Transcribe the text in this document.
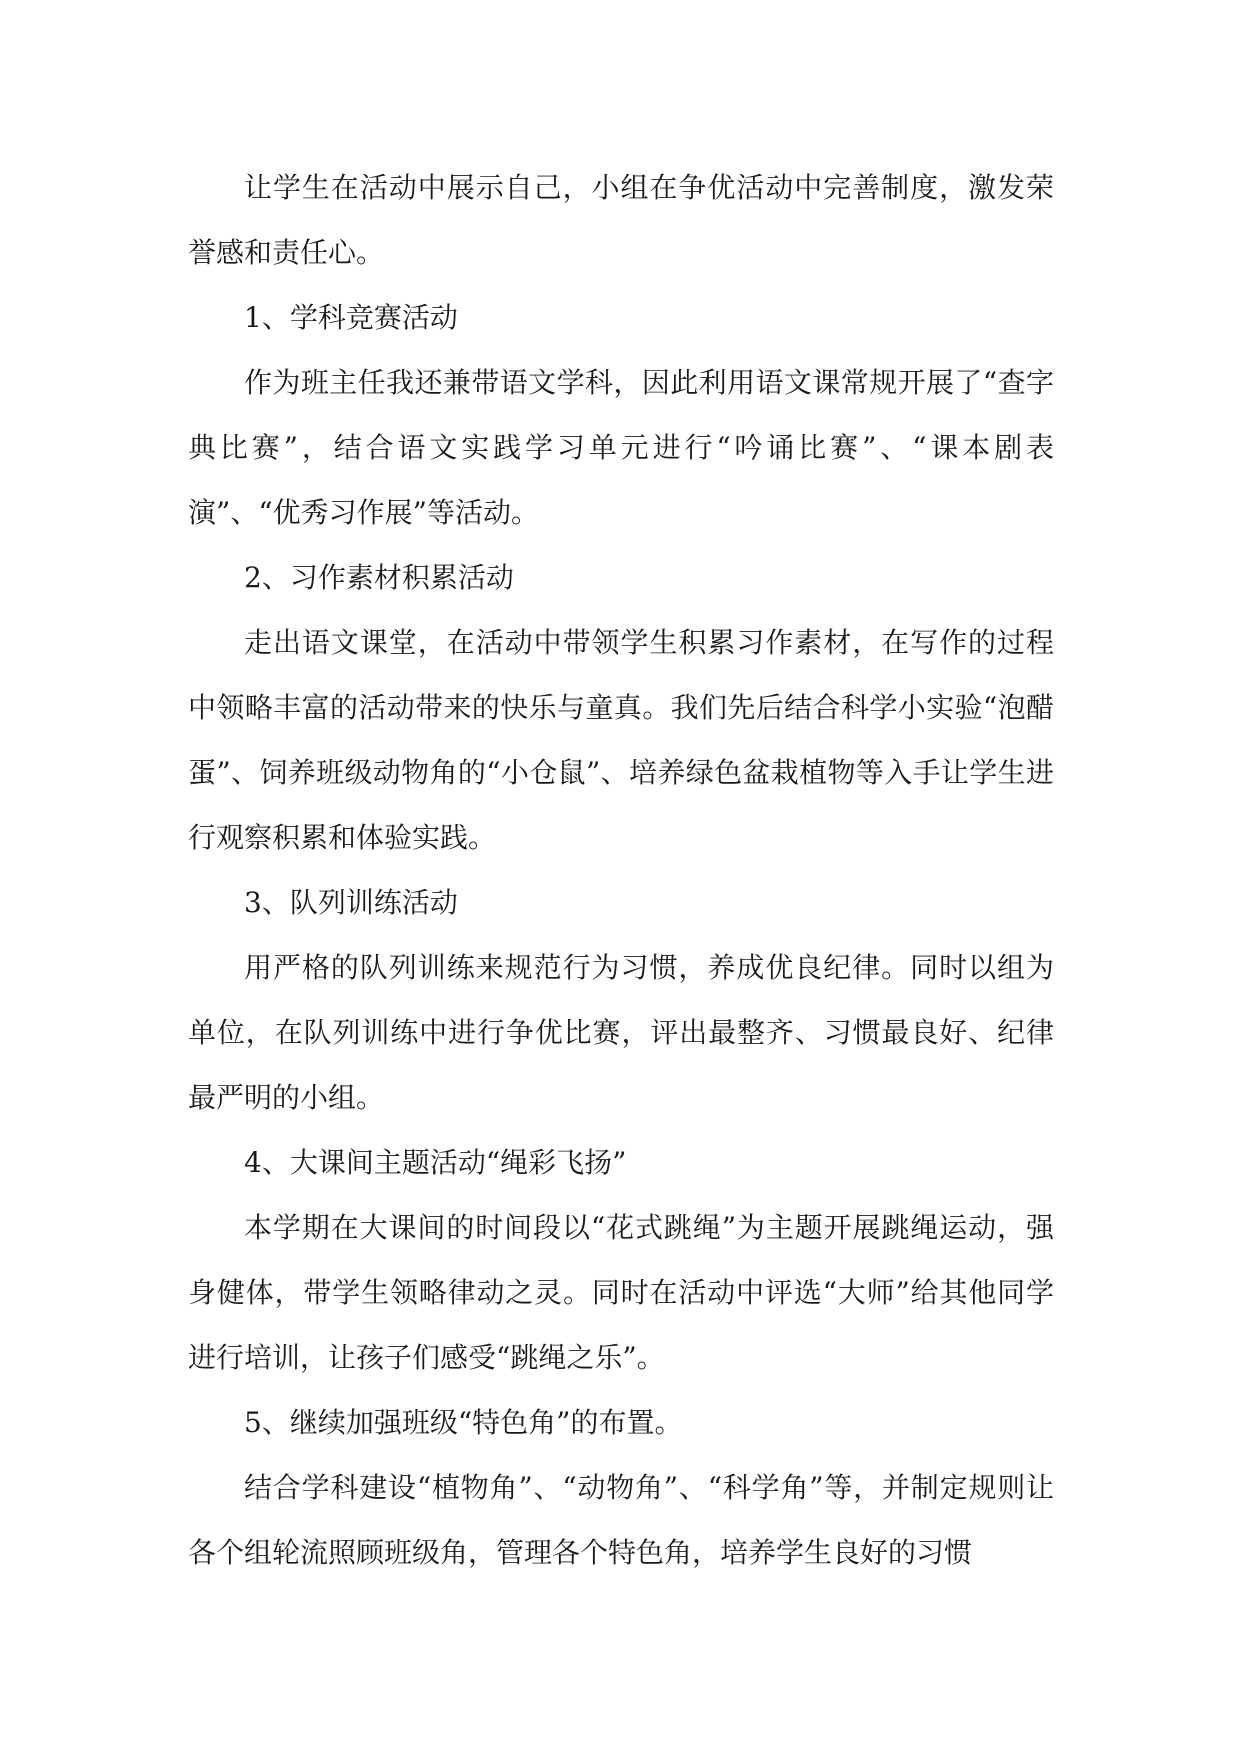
让学生在活动中展示自己，小组在争优活动中完善制度，激发荣誉感和责任心。

1、学科竞赛活动

作为班主任我还兼带语文学科，因此利用语文课常规开展了“查字典比赛”，结合语文实践学习单元进行“吟诵比赛”、“课本剧表演”、“优秀习作展”等活动。

2、习作素材积累活动

走出语文课堂，在活动中带领学生积累习作素材，在写作的过程中领略丰富的活动带来的快乐与童真。我们先后结合科学小实验“泡醋蛋”、饲养班级动物角的“小仓鼠”、培养绿色盆栽植物等入手让学生进行观察积累和体验实践。

3、队列训练活动

用严格的队列训练来规范行为习惯，养成优良纪律。同时以组为单位，在队列训练中进行争优比赛，评出最整齐、习惯最良好、纪律最严明的小组。

4、大课间主题活动“绳彩飞扬”

本学期在大课间的时间段以“花式跳绳”为主题开展跳绳运动，强身健体，带学生领略律动之灵。同时在活动中评选“大师”给其他同学进行培训，让孩子们感受“跳绳之乐”。

5、继续加强班级“特色角”的布置。

结合学科建设“植物角”、“动物角”、“科学角”等，并制定规则让各个组轮流照顾班级角，管理各个特色角，培养学生良好的习惯
